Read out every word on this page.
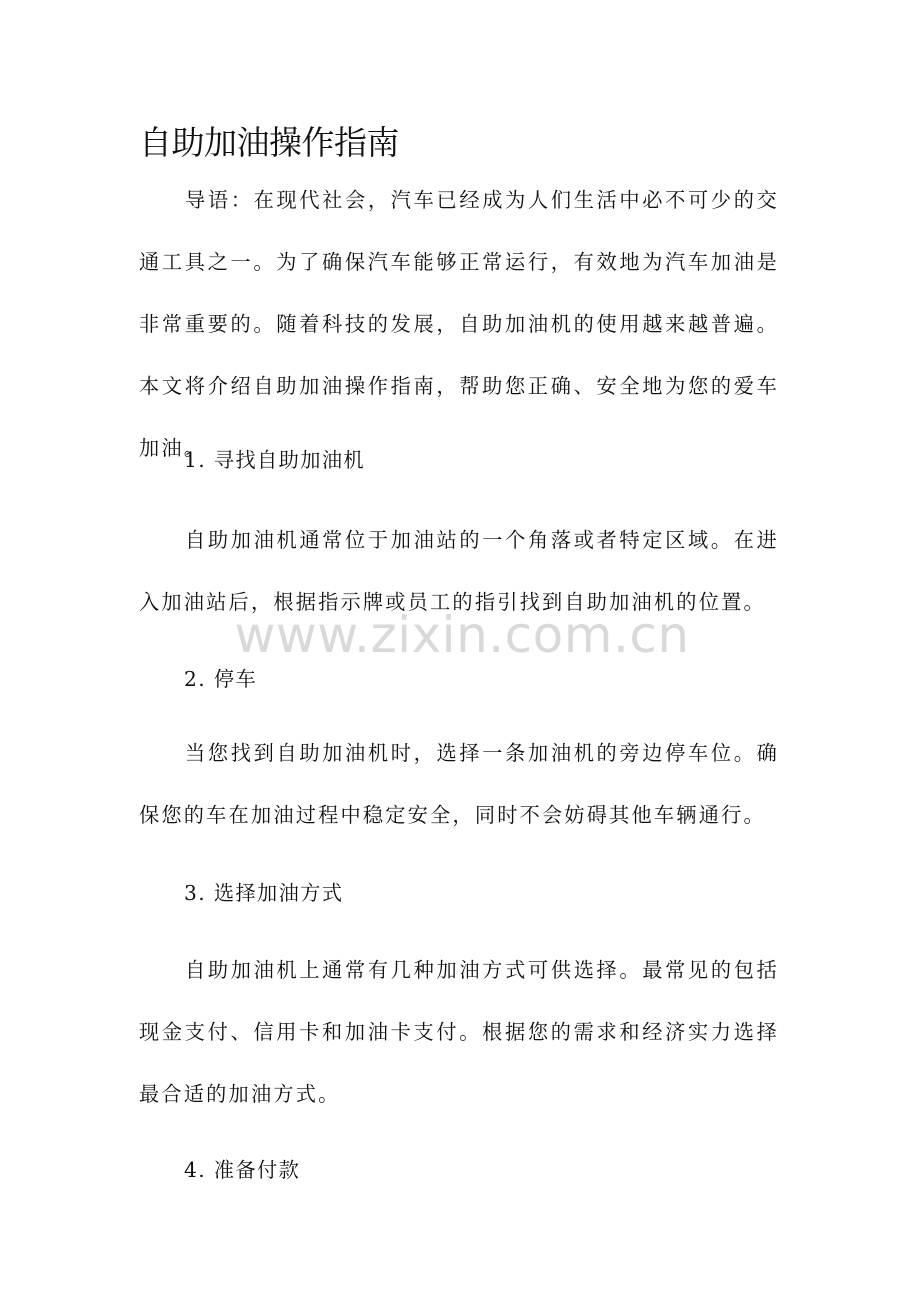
自助加油操作指南

导语：在现代社会，汽车已经成为人们生活中必不可少的交通工具之一。为了确保汽车能够正常运行，有效地为汽车加油是非常重要的。随着科技的发展，自助加油机的使用越来越普遍。本文将介绍自助加油操作指南，帮助您正确、安全地为您的爱车加油。

1. 寻找自助加油机

自助加油机通常位于加油站的一个角落或者特定区域。在进入加油站后，根据指示牌或员工的指引找到自助加油机的位置。

2. 停车

当您找到自助加油机时，选择一条加油机的旁边停车位。确保您的车在加油过程中稳定安全，同时不会妨碍其他车辆通行。

3. 选择加油方式

自助加油机上通常有几种加油方式可供选择。最常见的包括现金支付、信用卡和加油卡支付。根据您的需求和经济实力选择最合适的加油方式。

4. 准备付款

www.zixin.com.cn
